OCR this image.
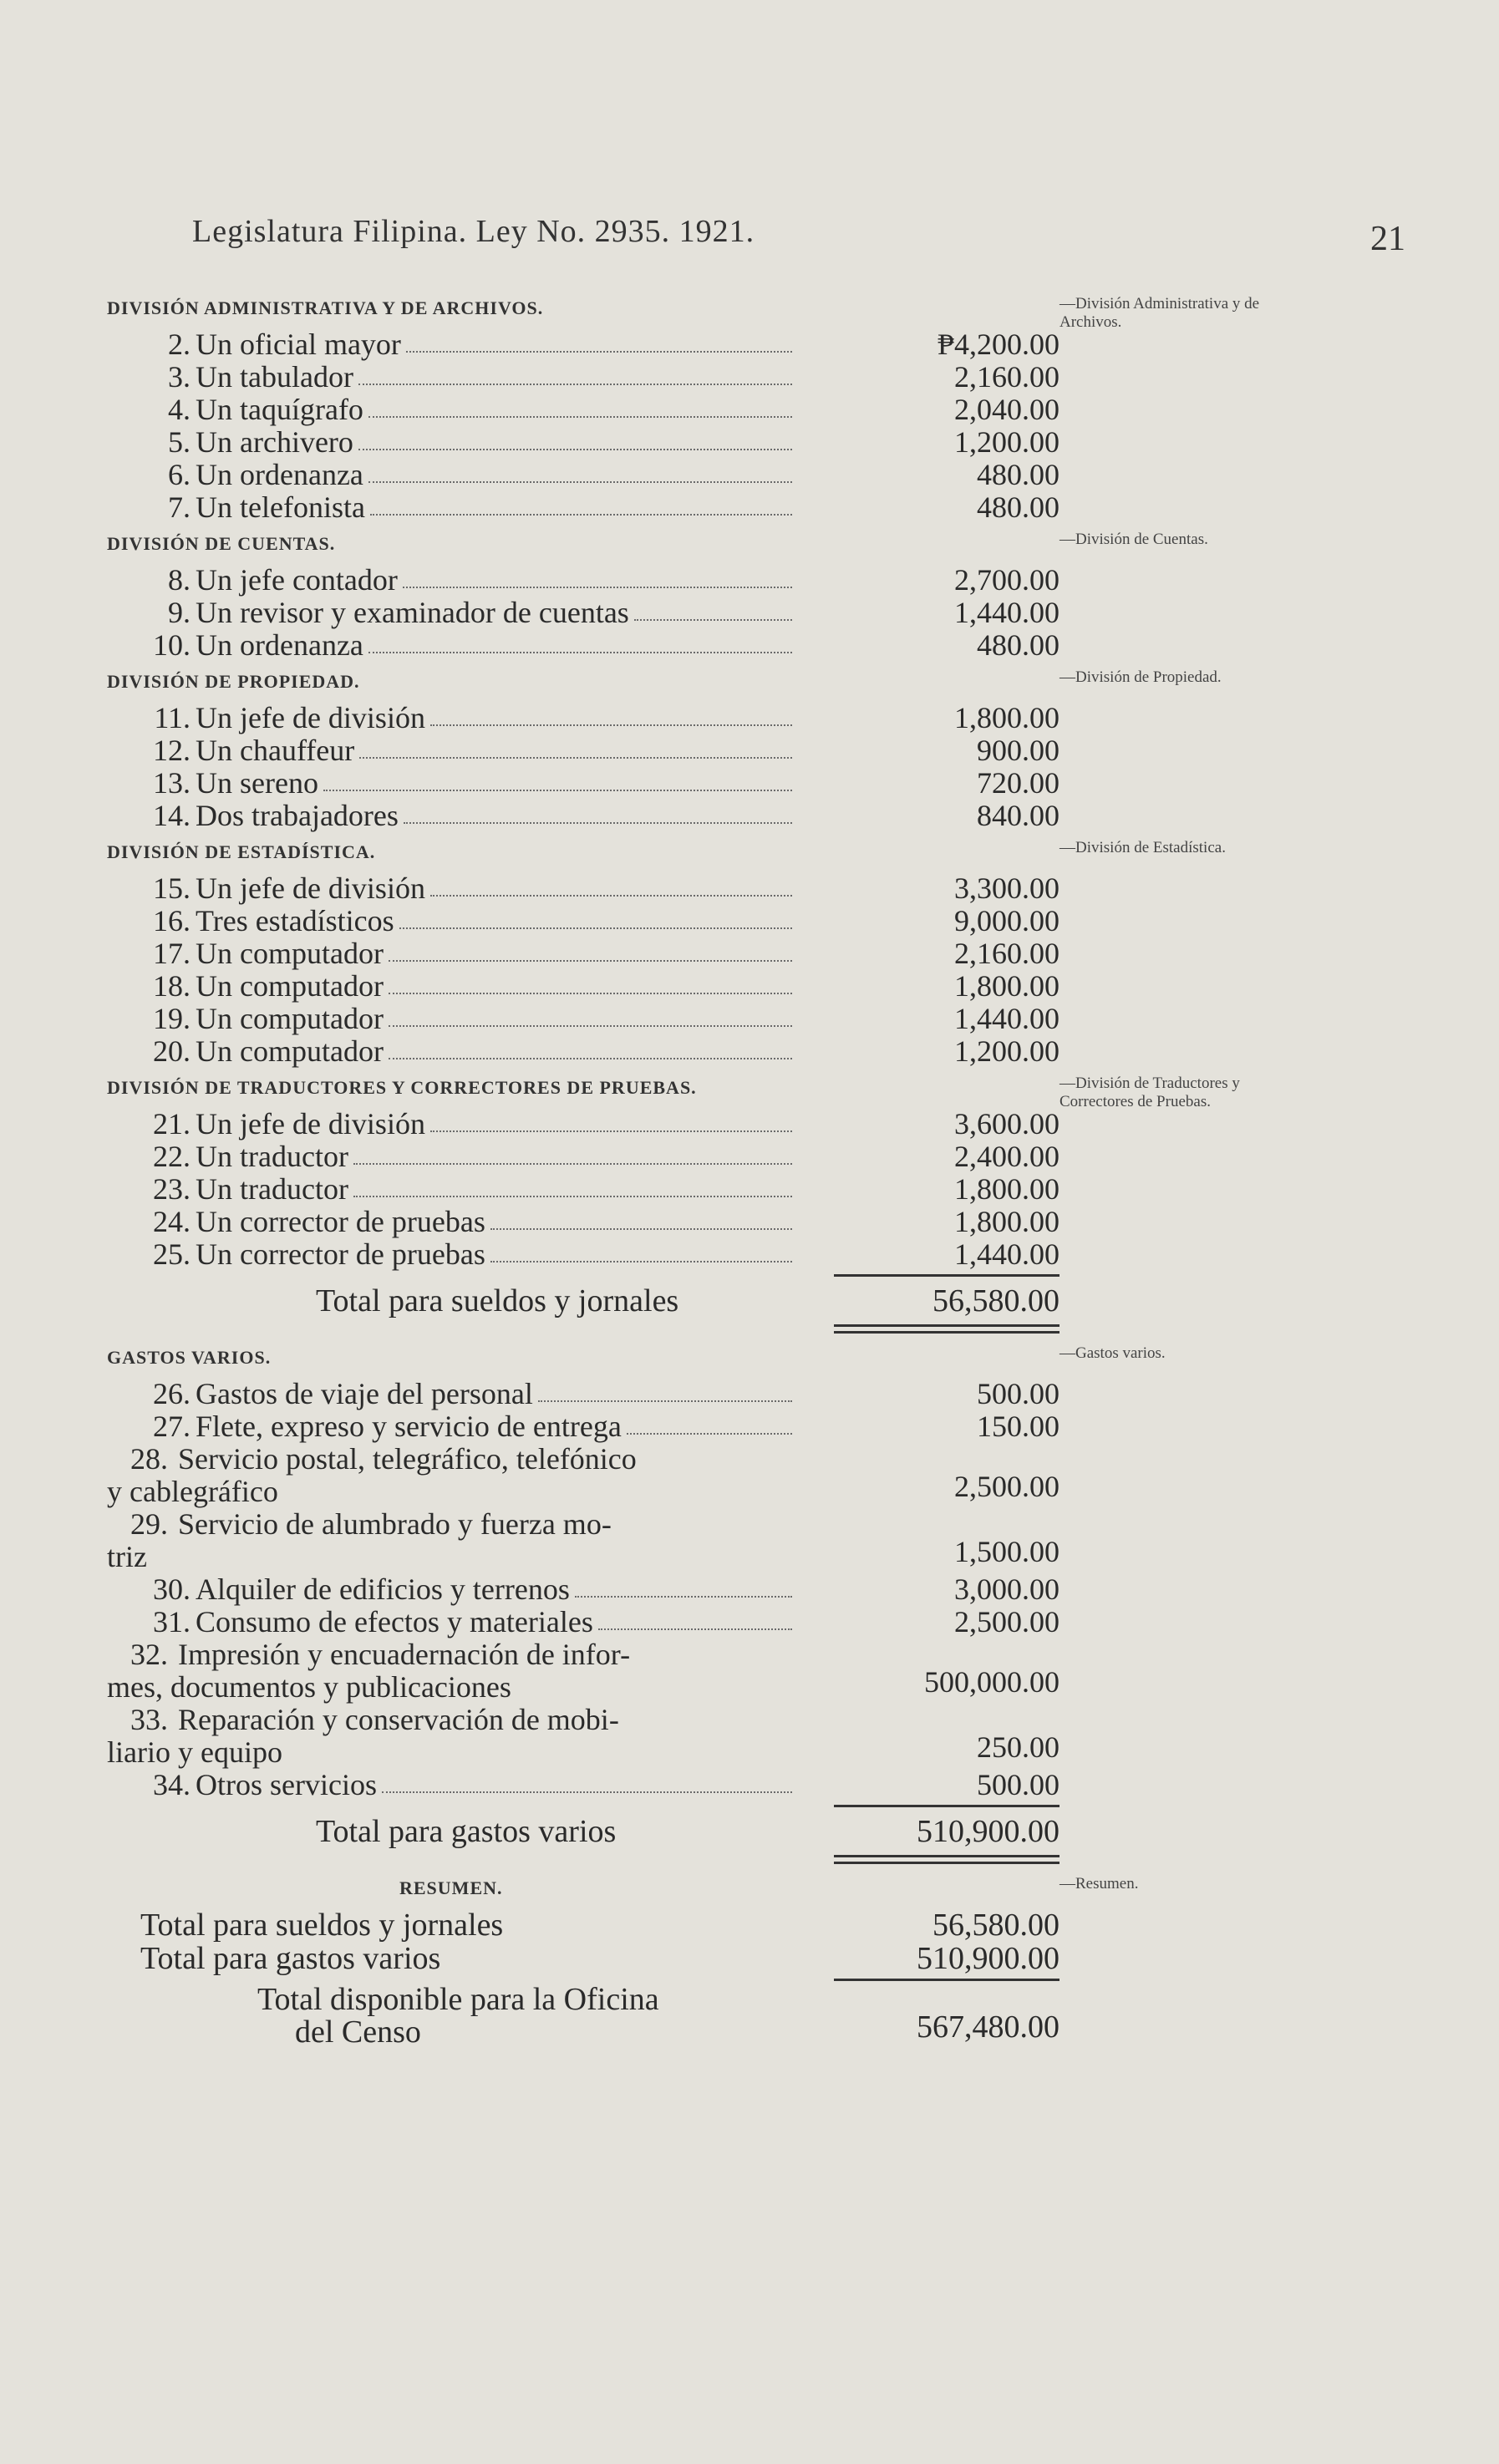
Legislatura Filipina. Ley No. 2935. 1921.	21
DIVISIÓN ADMINISTRATIVA Y DE ARCHIVOS.
2. Un oficial mayor	₱4,200.00
3. Un tabulador	2,160.00
4. Un taquígrafo	2,040.00
5. Un archivero	1,200.00
6. Un ordenanza	480.00
7. Un telefonista	480.00
DIVISIÓN DE CUENTAS.
8. Un jefe contador	2,700.00
9. Un revisor y examinador de cuentas	1,440.00
10. Un ordenanza	480.00
DIVISIÓN DE PROPIEDAD.
11. Un jefe de división	1,800.00
12. Un chauffeur	900.00
13. Un sereno	720.00
14. Dos trabajadores	840.00
DIVISIÓN DE ESTADÍSTICA.
15. Un jefe de división	3,300.00
16. Tres estadísticos	9,000.00
17. Un computador	2,160.00
18. Un computador	1,800.00
19. Un computador	1,440.00
20. Un computador	1,200.00
DIVISIÓN DE TRADUCTORES Y CORRECTORES DE PRUEBAS.
21. Un jefe de división	3,600.00
22. Un traductor	2,400.00
23. Un traductor	1,800.00
24. Un corrector de pruebas	1,800.00
25. Un corrector de pruebas	1,440.00
Total para sueldos y jornales	56,580.00
GASTOS VARIOS.
26. Gastos de viaje del personal	500.00
27. Flete, expreso y servicio de entrega	150.00
28. Servicio postal, telegráfico, telefónico
y cablegráfico	2,500.00
29. Servicio de alumbrado y fuerza mo-
triz	1,500.00
30. Alquiler de edificios y terrenos	3,000.00
31. Consumo de efectos y materiales	2,500.00
32. Impresión y encuadernación de infor-
mes, documentos y publicaciones	500,000.00
33. Reparación y conservación de mobi-
liario y equipo	250.00
34. Otros servicios	500.00
Total para gastos varios	510,900.00
RESUMEN.
Total para sueldos y jornales	56,580.00
Total para gastos varios	510,900.00
Total disponible para la Oficina
del Censo	567,480.00
—División Administrativa y de Archivos.
—División de Cuentas.
—División de Propiedad.
—División de Estadística.
—División de Traductores y Correctores de Pruebas.
—Gastos varios.
—Resumen.
